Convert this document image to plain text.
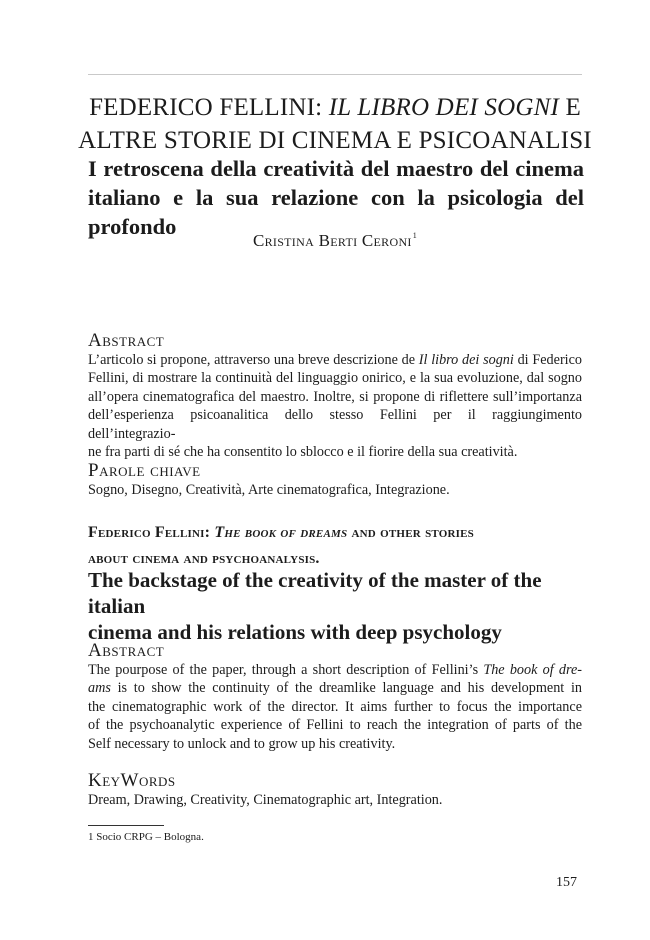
FEDERICO FELLINI: IL LIBRO DEI SOGNI E
ALTRE STORIE DI CINEMA E PSICOANALISI
I retroscena della creatività del maestro del cinema
italiano e la sua relazione con la psicologia del profondo
Cristina Berti Ceroni$^1$
Abstract
L’articolo si propone, attraverso una breve descrizione de Il libro dei sogni di Federico
Fellini, di mostrare la continuità del linguaggio onirico, e la sua evoluzione, dal sogno
all’opera cinematografica del maestro. Inoltre, si propone di riflettere sull’importanza
dell’esperienza psicoanalitica dello stesso Fellini per il raggiungimento dell’integrazio-
ne fra parti di sé che ha consentito lo sblocco e il fiorire della sua creatività.
Parole chiave
Sogno, Disegno, Creatività, Arte cinematografica, Integrazione.
Federico Fellini: The book of dreams and other stories
about cinema and psychoanalysis.
The backstage of the creativity of the master of the italian
cinema and his relations with deep psychology
Abstract
The pourpose of the paper, through a short description of Fellini’s The book of dre-
ams is to show the continuity of the dreamlike language and his development in
the cinematographic work of the director. It aims further to focus the importance
of the psychoanalytic experience of Fellini to reach the integration of parts of the
Self necessary to unlock and to grow up his creativity.
KeyWords
Dream, Drawing, Creativity, Cinematographic art, Integration.
1 Socio CRPG – Bologna.
157
